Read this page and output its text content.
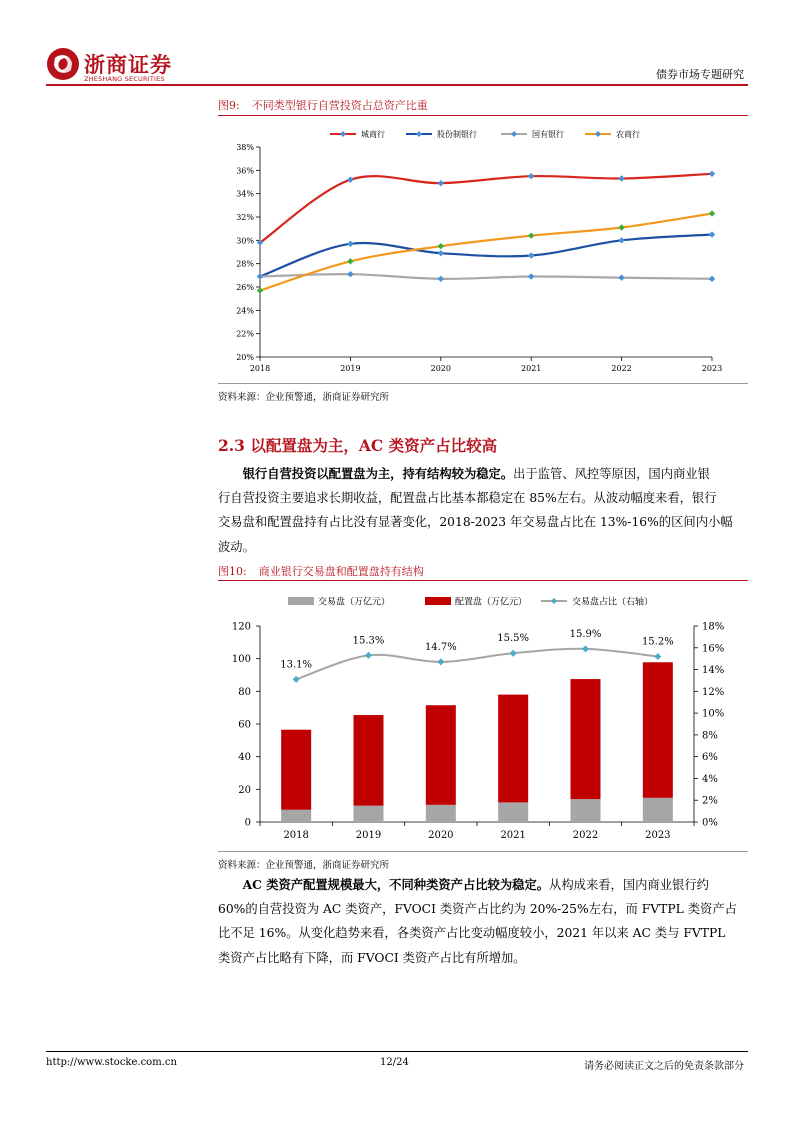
浙商证券
ZHESHANG SECURITIES	债券市场专题研究
图9: 不同类型银行自营投资占总资产比重
38%
36%
34%
32%
30%
28%
26%
24%
22%
20%
2018	2019	2020	2021	2022	2023
城商行	股份制银行	国有银行	农商行
资料来源：企业预警通，浙商证券研究所
2.3 以配置盘为主，AC 类资产占比较高
  银行自营投资以配置盘为主，持有结构较为稳定。出于监管、风控等原因，国内商业银
行自营投资主要追求长期收益，配置盘占比基本都稳定在 85%左右。从波动幅度来看，银行
交易盘和配置盘持有占比没有显著变化，2018-2023 年交易盘占比在 13%-16%的区间内小幅
波动。
图10: 商业银行交易盘和配置盘持有结构
120
100
80
60
40
20
0
18%
16%
14%
12%
10%
8%
6%
4%
2%
0%
2018	2019	2020	2021	2022	2023
13.1%
15.3%
14.7%
15.5%	15.9%
15.2%
交易盘（万亿元）	配置盘（万亿元）	交易盘占比（右轴）
资料来源：企业预警通，浙商证券研究所
  AC 类资产配置规模最大，不同种类资产占比较为稳定。从构成来看，国内商业银行约
60%的自营投资为 AC 类资产，FVOCI 类资产占比约为 20%-25%左右，而 FVTPL 类资产占
比不足 16%。从变化趋势来看，各类资产占比变动幅度较小，2021 年以来 AC 类与 FVTPL
类资产占比略有下降，而 FVOCI 类资产占比有所增加。
http://www.stocke.com.cn	12/24	请务必阅读正文之后的免责条款部分
